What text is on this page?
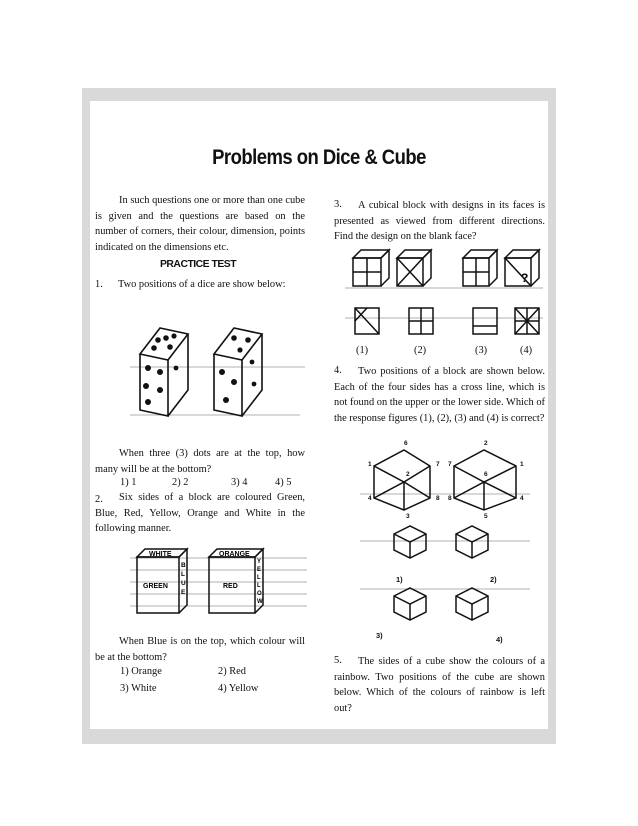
Problems on Dice & Cube
In such questions one or more than one cube is given and the questions are based on the number of corners, their colour, dimension, points indicated on the dimensions etc.
PRACTICE TEST
1. Two positions of a dice are show below:
When three (3) dots are at the top, how many will be at the bottom?
1) 1	2) 2	3) 4	4) 5
2.	Six sides of a block are coloured Green, Blue, Red, Yellow, Orange and White in the following manner.
WHITE
GREEN
B
L
U
E
ORANGE
RED
Y
E
L
L
O
W
When Blue is on the top, which colour will be at the bottom?
1) Orange	2) Red
3) White	4) Yellow
A cubical block with designs in its faces is presented as viewed from different directions. Find the design on the blank face?
3.
?
(1)	(2)	(3)	(4)
Two positions of a block are shown below. Each of the four sides has a cross line, which is not found on the upper or the lower side. Which of the response figures (1), (2), (3) and (4) is correct?
4.
6
1	7
2
4	8
3
2
7
6
1
8	4
5
1)	2)
3)	4)
The sides of a cube show the colours of a rainbow. Two positions of the cube are shown below. Which of the colours of rainbow is left out?
5.
